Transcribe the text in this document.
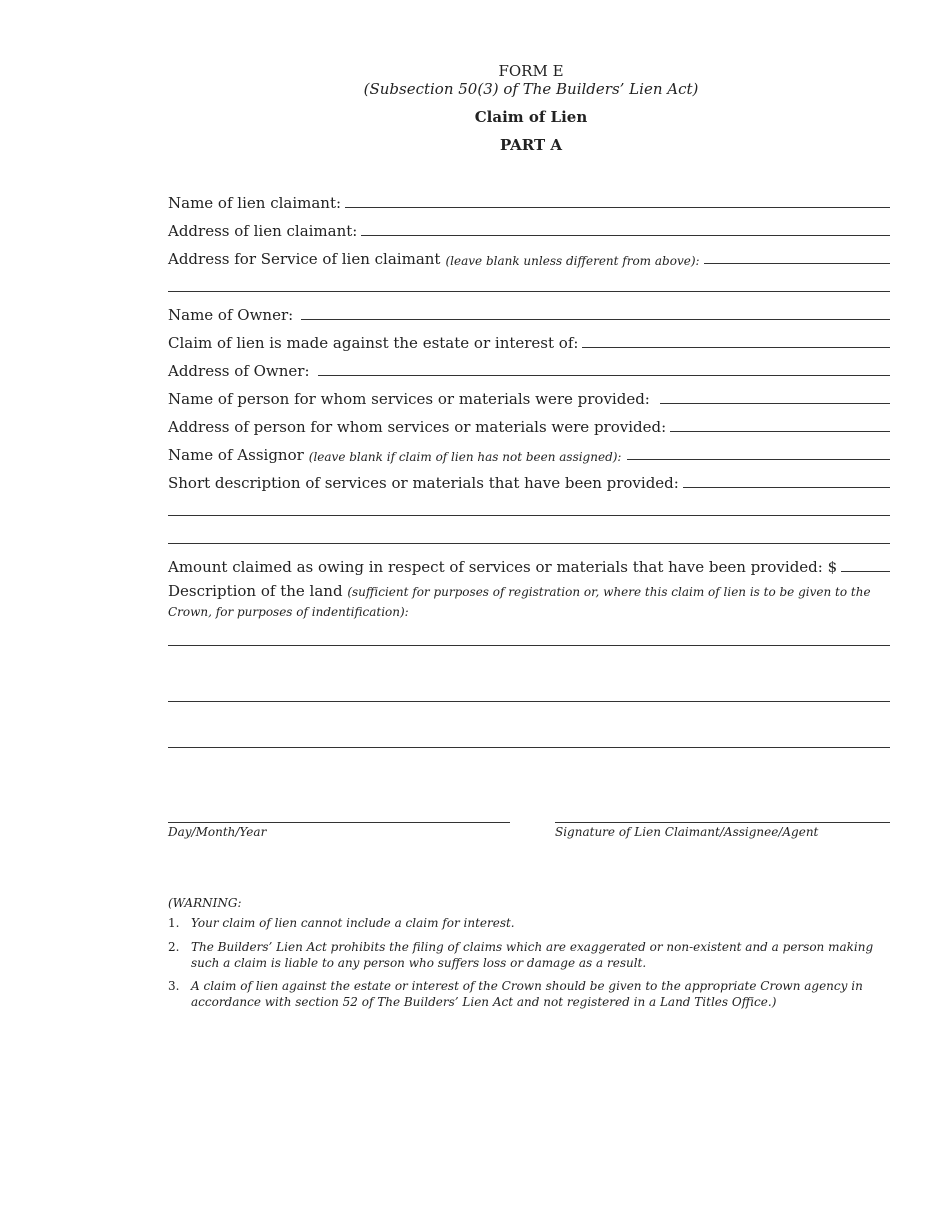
FORM E
(Subsection 50(3) of The Builders’ Lien Act)
Claim of Lien
PART A
Name of lien claimant:
Address of lien claimant:
Address for Service of lien claimant (leave blank unless different from above):
Name of Owner:
Claim of lien is made against the estate or interest of:
Address of Owner:
Name of person for whom services or materials were provided:
Address of person for whom services or materials were provided:
Name of Assignor (leave blank if claim of lien has not been assigned):
Short description of services or materials that have been provided:
Amount claimed as owing in respect of services or materials that have been provided: $
Description of the land (sufficient for purposes of registration or, where this claim of lien is to be given to the Crown, for purposes of indentification):
Day/Month/Year	Signature of Lien Claimant/Assignee/Agent
(WARNING:
1. Your claim of lien cannot include a claim for interest.
2. The Builders’ Lien Act prohibits the filing of claims which are exaggerated or non-existent and a person making such a claim is liable to any person who suffers loss or damage as a result.
3. A claim of lien against the estate or interest of the Crown should be given to the appropriate Crown agency in accordance with section 52 of The Builders’ Lien Act and not registered in a Land Titles Office.)
